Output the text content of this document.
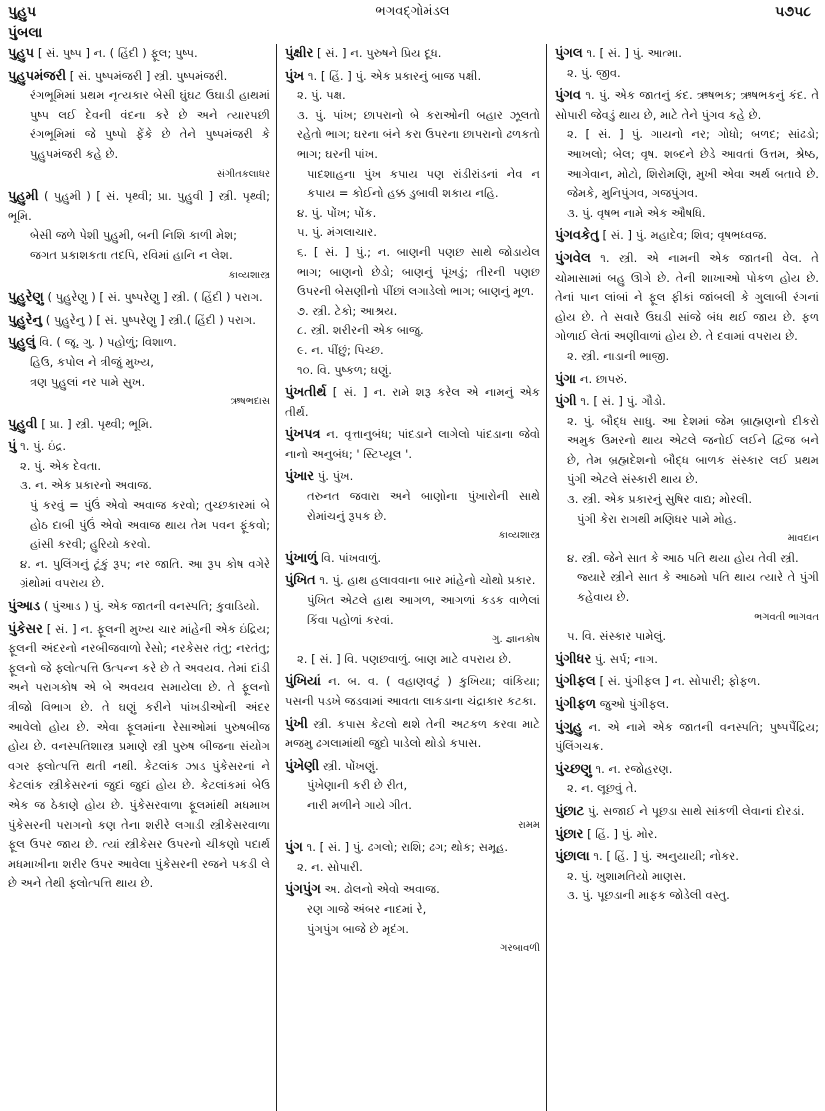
પુહુપ
પુંબલા
ભગવદ્ગોમંડલ	૫૭૫૮
પુહુપ [ સં. પુષ્પ ] ન. ( હિંદી ) ફૂલ; પુષ્પ.
પુહુપમંજરી [ સં. પુષ્પમંજરી ] સ્ત્રી. પુષ્પમંજરી.
રંગભૂમિમાં પ્રથમ નૃત્યકાર બેસી ઘુંઘટ ઉઘાડી હાથમાં પુષ્પ લઈ દેવની વંદના કરે છે અને ત્યારપછી રંગભૂમિમાં જે પુષ્પો ફેંકે છે તેને પુષ્પમંજરી કે પુહુપમંજરી કહે છે.
સંગીતકલાધર
પુહુમી ( પુહુમી ) [ સં. પૃથ્વી; પ્રા. પુહુવી ] સ્ત્રી. પૃથ્વી; ભૂમિ.
બેસી જળે પેશી પુહુમી, બની નિશિ કાળી મેશ;
જગત પ્રકાશકતા તદપિ, રવિમાં હાનિ ન લેશ.
કાવ્યશાસ્ત્ર
પુહુરેણુ ( પુહુરેણુ ) [ સં. પુષ્પરેણુ ] સ્ત્રી. ( હિંદી ) પરાગ.
પુહુરેનુ ( પુહુરેનુ ) [ સં. પુષ્પરેણુ ] સ્ત્રી.( હિંદી ) પરાગ.
પુહુલું વિ. ( જૂ. ગુ. ) પહોળું; વિશાળ.
હિઉ, કપોલ ને ત્રીજું મુખ્ય,
ત્રણ પુહુલાં નર પામે સુખ.
ઋષભદાસ
પુહુવી [ પ્રા. ] સ્ત્રી. પૃથ્વી; ભૂમિ.
પું ૧. પું. ઇંદ્ર.
૨. પું. એક દેવતા.
૩. ન. એક પ્રકારનો અવાજ.
પું કરવું = પુંઉં એવો અવાજ કરવો; તુચ્છકારમાં બે હોઠ દાબી પુંઉં એવો અવાજ થાય તેમ પવન ફૂંકવો; હાંસી કરવી; હુરિયો કરવો.
૪. ન. પુલિંગનું ટૂંકું રૂપ; નર જાતિ. આ રૂપ કોષ વગેરે ગ્રંથોમાં વપરાય છે.
પુંઆડ ( પુંઆડ ) પું. એક જાતની વનસ્પતિ; કુવાડિયો.
પુંકેસર [ સં. ] ન. ફૂલની મુખ્ય ચાર માંહેની એક ઇંદ્રિય; ફૂલની અંદરનો નરબીજવાળો રેસો; નરકેસર તંતુ; નરતંતુ; ફૂલનો જે ફ્લોત્પત્તિ ઉત્પન્ન કરે છે તે અવયવ. તેમાં દાંડી અને પરાગકોષ એ બે અવયવ સમાયેલા છે. તે ફૂલનો ત્રીજો વિભાગ છે. તે ઘણું કરીને પાંખડીઓની અંદર આવેલો હોય છે. એવા ફૂલમાંના રેસાઓમાં પુરુષબીજ હોય છે. વનસ્પતિશાસ્ત્ર પ્રમાણે સ્ત્રી પુરુષ બીજના સંયોગ વગર ફ્લોત્પત્તિ થતી નથી. કેટલાંક ઝાડ પુંકેસરનાં ને કેટલાંક સ્ત્રીકેસરનાં જુદાં જુદાં હોય છે. કેટલાંકમાં બેઉ એક જ ઠેકાણે હોય છે. પુંકેસરવાળા ફૂલમાંથી મધમાખ પુંકેસરની પરાગનો કણ તેના શરીરે લગાડી સ્ત્રીકેસરવાળા ફૂલ ઉપર જાય છે. ત્યાં સ્ત્રીકેસર ઉપરનો ચીકણો પદાર્થ મધમાખીના શરીર ઉપર આવેલા પુંકેસરની રજને પકડી લે છે અને તેથી ફ્લોત્પત્તિ થાય છે.
પુંક્ષીર [ સં. ] ન. પુરુષને પ્રિય દૂધ.
પુંખ ૧. [ હિં. ] પું. એક પ્રકારનું બાજ પક્ષી.
૨. પું. પક્ષ.
૩. પું. પાંખ; છાપરાનો બે કરાઓની બહાર ઝૂલતો રહેતો ભાગ; ઘરના બંને કરા ઉપરના છાપરાનો ઢળકતો ભાગ; ઘરની પાંખ.
પાદશાહના પુંખ કપાય પણ રાંડીરાંડનાં નેવ ન કપાય = કોઈનો હક્ક ડુબાવી શકાય નહિ.
૪. પું. પોંખ; પોંક.
૫. પું. મંગલાચાર.
૬. [ સં. ] પું.; ન. બાણની પણછ સાથે જોડાયેલ ભાગ; બાણનો છેડો; બાણનું પૂંખડું; તીરની પણછ ઉપરની બેસણીનો પીંછાં લગાડેલો ભાગ; બાણનું મૂળ.
૭. સ્ત્રી. ટેકો; આશ્રય.
૮. સ્ત્રી. શરીરની એક બાજુ.
૯. ન. પીંછું; પિચ્છ.
૧૦. વિ. પુષ્કળ; ઘણું.
પુંખતીર્થ [ સં. ] ન. રામે શરૂ કરેલ એ નામનું એક તીર્થ.
પુંખપત્ર ન. વૃત્તાનુબંધ; પાંદડાને લાગેલો પાંદડાના જેવો નાનો અનુબંધ; ' સ્ટિપ્યૂલ '.
પુંખાર પું. પુંખ.
તરુનત જવારા અને બાણોના પુંખારોની સાથે રોમાંચનું રૂપક છે.
કાવ્યશાસ્ત્ર
પુંખાળું વિ. પાંખવાળું.
પુંખિત ૧. પું. હાથ હલાવવાના બાર માંહેનો ચોથો પ્રકાર.
પુંખિત એટલે હાથ આગળ, આગળાં કડક વાળેલાં કિંવા પહોળાં કરવાં.
ગુ. જ્ઞાનકોષ
૨. [ સં. ] વિ. પણછવાળું. બાણ માટે વપરાય છે.
પુંખિયાં ન. બ. વ. ( વહાણવટું ) કુખિયા; વાંકિયા; પસની પડખે જડવામાં આવતા લાકડાના ચંદ્રાકાર કટકા.
પુંખી સ્ત્રી. કપાસ કેટલો થશે તેની અટકળ કરવા માટે મજમુ ઢગલામાંથી જુદો પાડેલો થોડો કપાસ.
પુંખેણી સ્ત્રી. પોંખણું.
પુંખેણાની કરી છે રીત,
નારી મળીને ગાયે ગીત.
રામમ
પુંગ ૧. [ સં. ] પું. ઢગલો; રાશિ; ઢગ; થોક; સમૂહ.
૨. ન. સોપારી.
પુંગપુંગ અ. ઢોલનો એવો અવાજ.
રણ ગાજે અંબર નાદમાં રે,
પુંગપુંગ બાજે છે મૃદંગ.
ગરબાવળી
પુંગલ ૧. [ સં. ] પું. આત્મા.
૨. પું. જીવ.
પુંગવ ૧. પું. એક જાતનું કંદ. ઋષભક; ઋષભકનું કંદ. તે સોપારી જેવડું થાય છે, માટે તેને પુંગવ કહે છે.
૨. [ સં. ] પું. ગાયનો નર; ગોધો; બળદ; સાંઢડો; આખલો; બેલ; વૃષ. શબ્દને છેડે આવતાં ઉત્તમ, શ્રેષ્ઠ, આગેવાન, મોટો, શિરોમણિ, મુખી એવા અર્થ બતાવે છે. જેમકે, મુનિપુંગવ, ગજપુંગવ.
૩. પું. વૃષભ નામે એક ઔષધિ.
પુંગવકેતુ [ સં. ] પું. મહાદેવ; શિવ; વૃષભધ્વજ.
પુંગવેલ ૧. સ્ત્રી. એ નામની એક જાતની વેલ. તે ચોમાસામાં બહુ ઊગે છે. તેની શાખાઓ પોકળ હોય છે. તેનાં પાન લાંબાં ને ફૂલ ફીકાં જાંબલી કે ગુલાબી રંગનાં હોય છે. તે સવારે ઉઘડી સાંજે બંધ થઈ જાય છે. ફળ ગોળાઈ લેતાં અણીવાળાં હોય છે. તે દવામાં વપરાય છે.
૨. સ્ત્રી. નાડાની ભાજી.
પુંગા ન. છાપરું.
પુંગી ૧. [ સં. ] પું. ગૌડો.
૨. પું. બૌદ્ધ સાધુ. આ દેશમાં જેમ બ્રાહ્મણનો દીકરો અમુક ઉમરનો થાય એટલે જનોઈ લઈને દ્વિજ બને છે, તેમ બ્રહ્મદેશનો બૌદ્ધ બાળક સંસ્કાર લઈ પ્રથમ પુંગી એટલે સંસ્કારી થાય છે.
૩. સ્ત્રી. એક પ્રકારનું સુષિર વાદ્ય; મોરલી.
પુંગી કેરા રાગથી મણિધર પામે મોહ.
માવદાન
૪. સ્ત્રી. જેને સાત કે આઠ પતિ થયા હોય તેવી સ્ત્રી.
જ્યારે સ્ત્રીને સાત કે આઠમો પતિ થાય ત્યારે તે પુંગી કહેવાય છે.
ભગવતી ભાગવત
૫. વિ. સંસ્કાર પામેલું.
પુંગીધર પું. સર્પ; નાગ.
પુંગીફલ [ સં. પુંગીફલ ] ન. સોપારી; ફોફળ.
પુંગીફળ જુઓ પુંગીફલ.
પુંગુહુ ન. એ નામે એક જાતની વનસ્પતિ; પુષ્પપૈંદ્રિય; પુંલિંગચક્ર.
પુંચ્છણુ ૧. ન. રજોહરણ.
૨. ન. લૂછવું તે.
પુંછાટ પું. સજાઈ ને પૂછડા સાથે સાંકળી લેવાનાં દોરડાં.
પુંછાર [ હિં. ] પું. મોર.
પુંછાલા ૧. [ હિં. ] પું. અનુયાયી; નોકર.
૨. પું. ખુશામતિયો માણસ.
૩. પું. પૂછડાની માફક જોડેલી વસ્તુ.
